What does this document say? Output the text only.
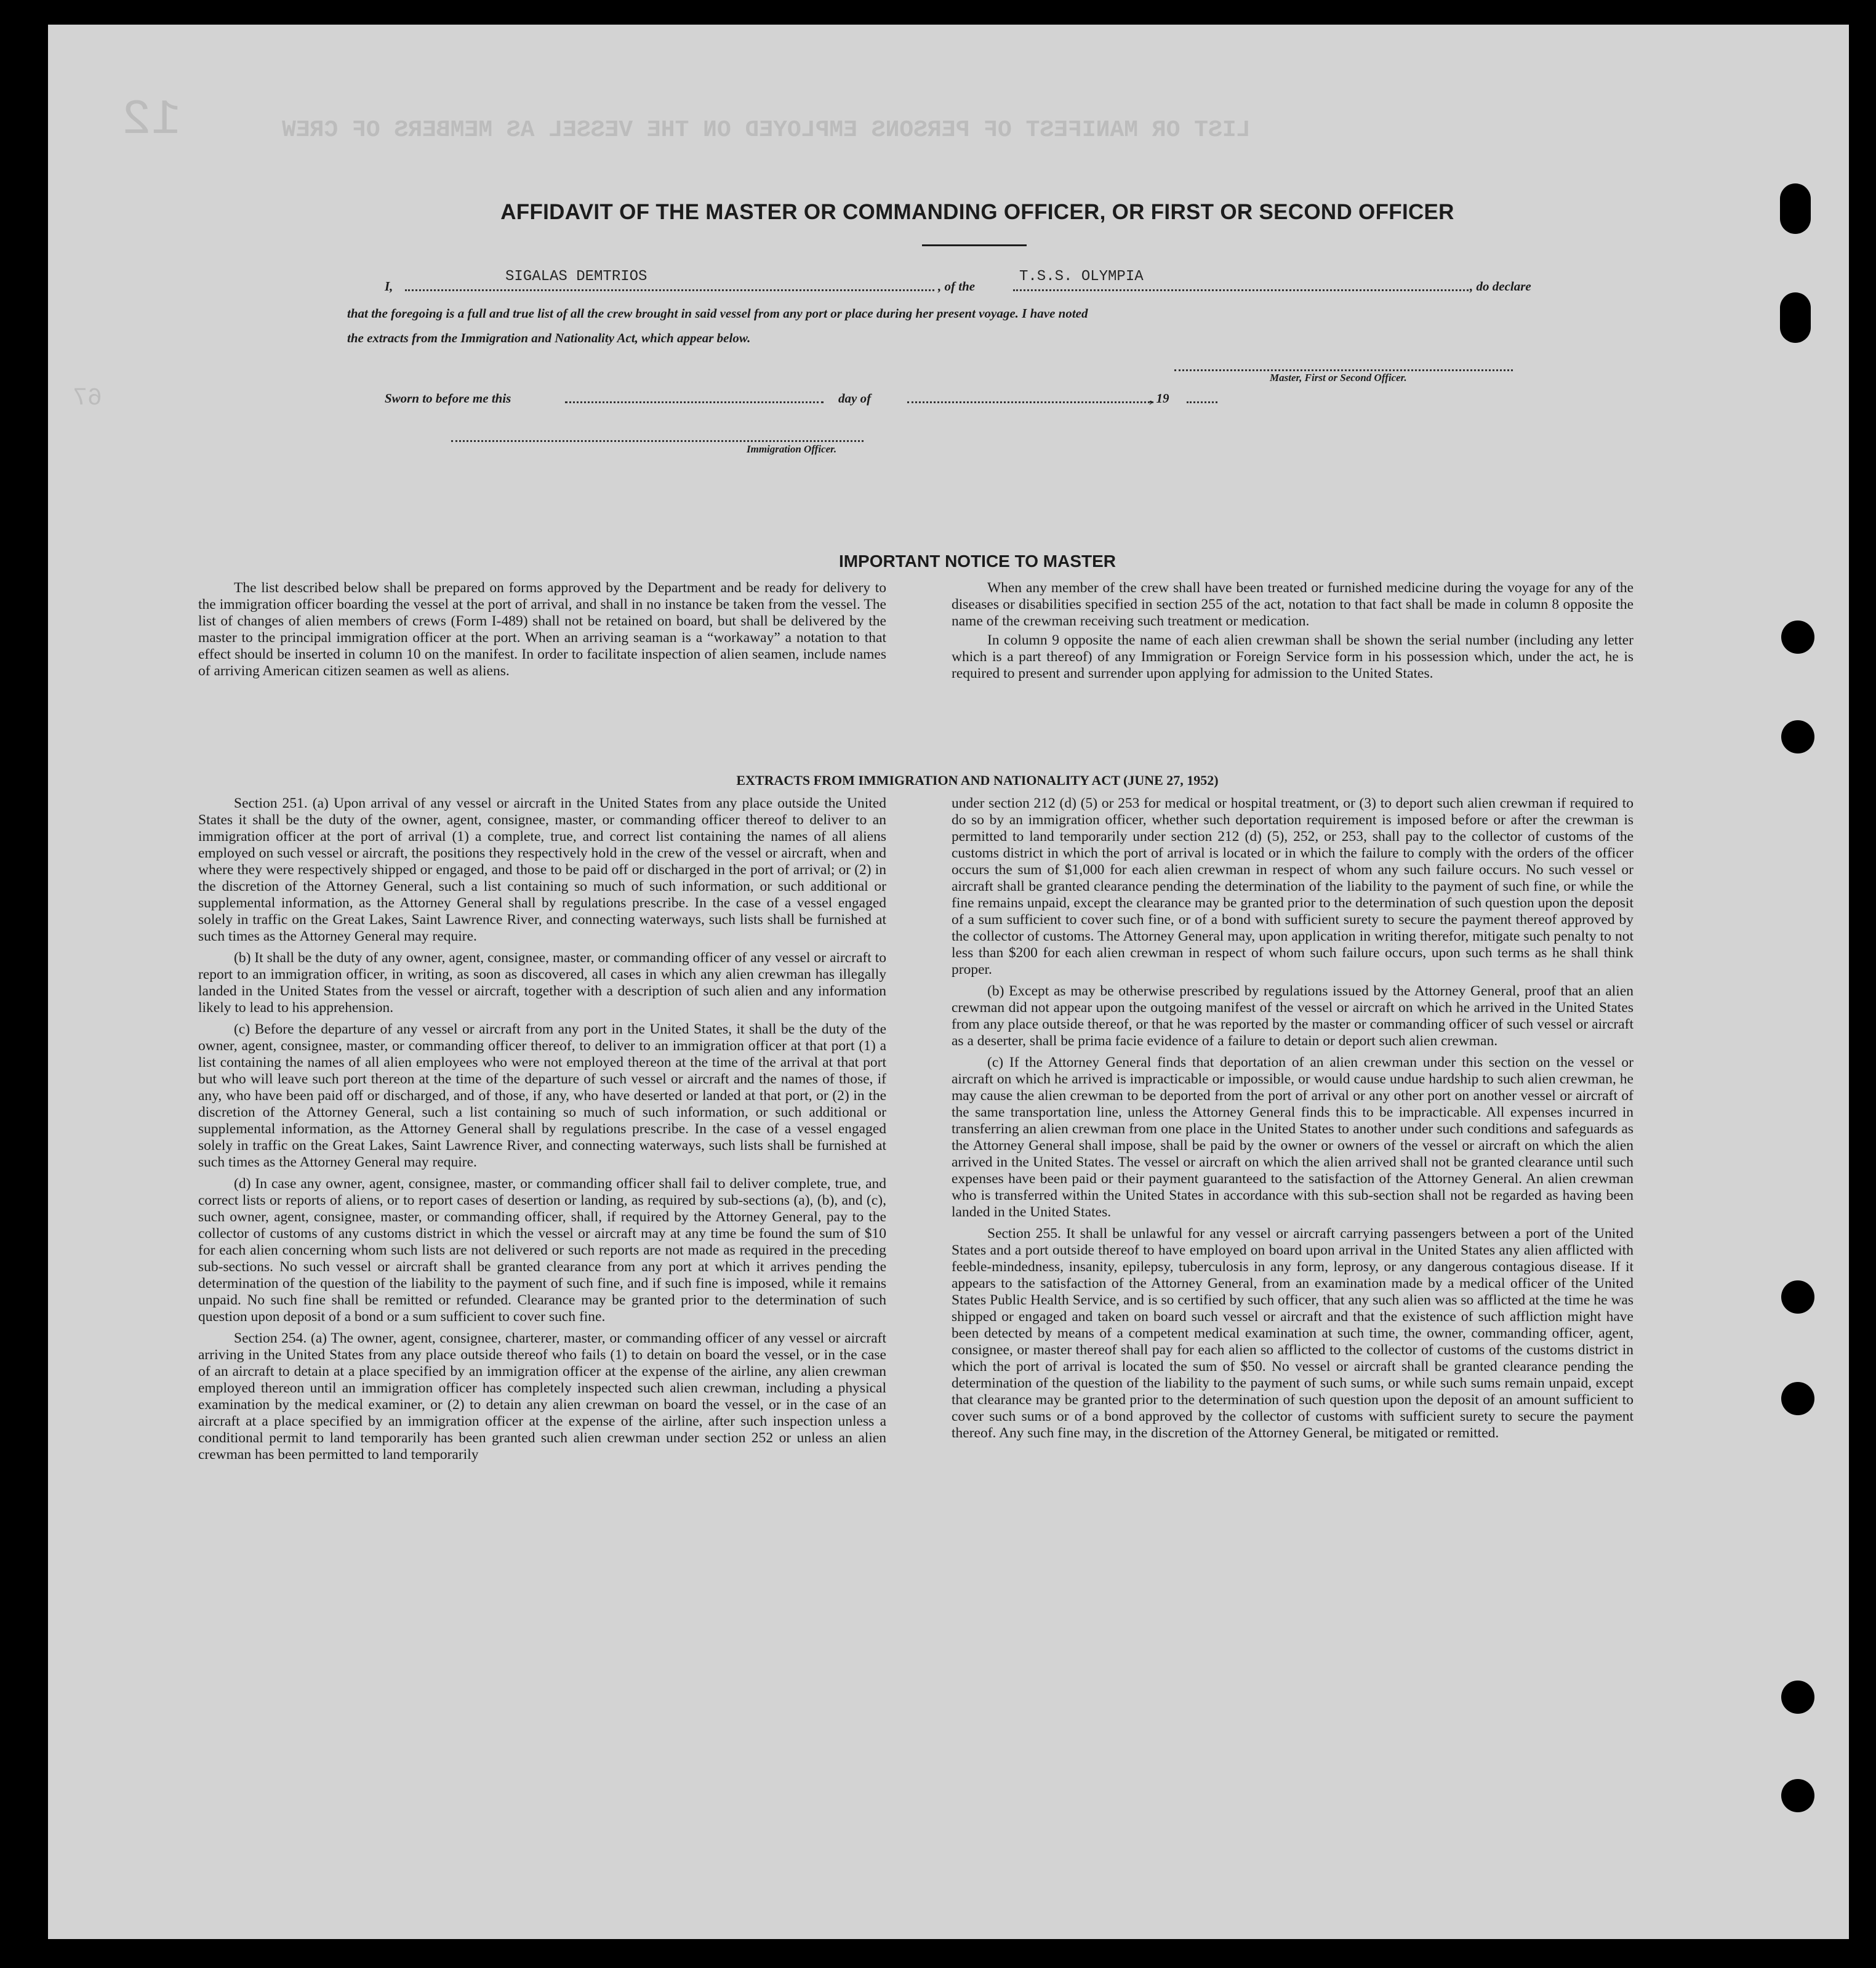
12	LIST OR MANIFEST OF PERSONS EMPLOYED ON THE VESSEL AS MEMBERS OF CREW
67
AFFIDAVIT OF THE MASTER OR COMMANDING OFFICER, OR FIRST OR SECOND OFFICER
I,
SIGALAS DEMTRIOS
, of the
T.S.S. OLYMPIA
, do declare
that the foregoing is a full and true list of all the crew brought in said vessel from any port or place during her present voyage. I have noted
the extracts from the Immigration and Nationality Act, which appear below.
Master, First or Second Officer.
Sworn to before me this	day of	, 19
Immigration Officer.
IMPORTANT NOTICE TO MASTER

The list described below shall be prepared on forms approved by the Department and be ready for delivery to the immigration officer boarding the vessel at the port of arrival, and shall in no instance be taken from the vessel. The list of changes of alien members of crews (Form I-489) shall not be retained on board, but shall be delivered by the master to the principal immigration officer at the port. When an arriving seaman is a “workaway” a notation to that effect should be inserted in column 10 on the manifest. In order to facilitate inspection of alien seamen, include names of arriving American citizen seamen as well as aliens.

When any member of the crew shall have been treated or furnished medicine during the voyage for any of the diseases or disabilities specified in section 255 of the act, notation to that fact shall be made in column 8 opposite the name of the crewman receiving such treatment or medication.

In column 9 opposite the name of each alien crewman shall be shown the serial number (including any letter which is a part thereof) of any Immigration or Foreign Service form in his possession which, under the act, he is required to present and surrender upon applying for admission to the United States.

EXTRACTS FROM IMMIGRATION AND NATIONALITY ACT (JUNE 27, 1952)

Section 251. (a) Upon arrival of any vessel or aircraft in the United States from any place outside the United States it shall be the duty of the owner, agent, consignee, master, or commanding officer thereof to deliver to an immigration officer at the port of arrival (1) a complete, true, and correct list containing the names of all aliens employed on such vessel or aircraft, the positions they respectively hold in the crew of the vessel or aircraft, when and where they were respectively shipped or engaged, and those to be paid off or discharged in the port of arrival; or (2) in the discretion of the Attorney General, such a list containing so much of such information, or such additional or supplemental information, as the Attorney General shall by regulations prescribe. In the case of a vessel engaged solely in traffic on the Great Lakes, Saint Lawrence River, and connecting waterways, such lists shall be furnished at such times as the Attorney General may require.

(b) It shall be the duty of any owner, agent, consignee, master, or commanding officer of any vessel or aircraft to report to an immigration officer, in writing, as soon as discovered, all cases in which any alien crewman has illegally landed in the United States from the vessel or aircraft, together with a description of such alien and any information likely to lead to his apprehension.

(c) Before the departure of any vessel or aircraft from any port in the United States, it shall be the duty of the owner, agent, consignee, master, or commanding officer thereof, to deliver to an immigration officer at that port (1) a list containing the names of all alien employees who were not employed thereon at the time of the arrival at that port but who will leave such port thereon at the time of the departure of such vessel or aircraft and the names of those, if any, who have been paid off or discharged, and of those, if any, who have deserted or landed at that port, or (2) in the discretion of the Attorney General, such a list containing so much of such information, or such additional or supplemental information, as the Attorney General shall by regulations prescribe. In the case of a vessel engaged solely in traffic on the Great Lakes, Saint Lawrence River, and connecting waterways, such lists shall be furnished at such times as the Attorney General may require.

(d) In case any owner, agent, consignee, master, or commanding officer shall fail to deliver complete, true, and correct lists or reports of aliens, or to report cases of desertion or landing, as required by sub-sections (a), (b), and (c), such owner, agent, consignee, master, or commanding officer, shall, if required by the Attorney General, pay to the collector of customs of any customs district in which the vessel or aircraft may at any time be found the sum of $10 for each alien concerning whom such lists are not delivered or such reports are not made as required in the preceding sub-sections. No such vessel or aircraft shall be granted clearance from any port at which it arrives pending the determination of the question of the liability to the payment of such fine, and if such fine is imposed, while it remains unpaid. No such fine shall be remitted or refunded. Clearance may be granted prior to the determination of such question upon deposit of a bond or a sum sufficient to cover such fine.

Section 254. (a) The owner, agent, consignee, charterer, master, or commanding officer of any vessel or aircraft arriving in the United States from any place outside thereof who fails (1) to detain on board the vessel, or in the case of an aircraft to detain at a place specified by an immigration officer at the expense of the airline, any alien crewman employed thereon until an immigration officer has completely inspected such alien crewman, including a physical examination by the medical examiner, or (2) to detain any alien crewman on board the vessel, or in the case of an aircraft at a place specified by an immigration officer at the expense of the airline, after such inspection unless a conditional permit to land temporarily has been granted such alien crewman under section 252 or unless an alien crewman has been permitted to land temporarily

under section 212 (d) (5) or 253 for medical or hospital treatment, or (3) to deport such alien crewman if required to do so by an immigration officer, whether such deportation requirement is imposed before or after the crewman is permitted to land temporarily under section 212 (d) (5), 252, or 253, shall pay to the collector of customs of the customs district in which the port of arrival is located or in which the failure to comply with the orders of the officer occurs the sum of $1,000 for each alien crewman in respect of whom any such failure occurs. No such vessel or aircraft shall be granted clearance pending the determination of the liability to the payment of such fine, or while the fine remains unpaid, except the clearance may be granted prior to the determination of such question upon the deposit of a sum sufficient to cover such fine, or of a bond with sufficient surety to secure the payment thereof approved by the collector of customs. The Attorney General may, upon application in writing therefor, mitigate such penalty to not less than $200 for each alien crewman in respect of whom such failure occurs, upon such terms as he shall think proper.

(b) Except as may be otherwise prescribed by regulations issued by the Attorney General, proof that an alien crewman did not appear upon the outgoing manifest of the vessel or aircraft on which he arrived in the United States from any place outside thereof, or that he was reported by the master or commanding officer of such vessel or aircraft as a deserter, shall be prima facie evidence of a failure to detain or deport such alien crewman.

(c) If the Attorney General finds that deportation of an alien crewman under this section on the vessel or aircraft on which he arrived is impracticable or impossible, or would cause undue hardship to such alien crewman, he may cause the alien crewman to be deported from the port of arrival or any other port on another vessel or aircraft of the same transportation line, unless the Attorney General finds this to be impracticable. All expenses incurred in transferring an alien crewman from one place in the United States to another under such conditions and safeguards as the Attorney General shall impose, shall be paid by the owner or owners of the vessel or aircraft on which the alien arrived in the United States. The vessel or aircraft on which the alien arrived shall not be granted clearance until such expenses have been paid or their payment guaranteed to the satisfaction of the Attorney General. An alien crewman who is transferred within the United States in accordance with this sub-section shall not be regarded as having been landed in the United States.

Section 255. It shall be unlawful for any vessel or aircraft carrying passengers between a port of the United States and a port outside thereof to have employed on board upon arrival in the United States any alien afflicted with feeble-mindedness, insanity, epilepsy, tuberculosis in any form, leprosy, or any dangerous contagious disease. If it appears to the satisfaction of the Attorney General, from an examination made by a medical officer of the United States Public Health Service, and is so certified by such officer, that any such alien was so afflicted at the time he was shipped or engaged and taken on board such vessel or aircraft and that the existence of such affliction might have been detected by means of a competent medical examination at such time, the owner, commanding officer, agent, consignee, or master thereof shall pay for each alien so afflicted to the collector of customs of the customs district in which the port of arrival is located the sum of $50. No vessel or aircraft shall be granted clearance pending the determination of the question of the liability to the payment of such sums, or while such sums remain unpaid, except that clearance may be granted prior to the determination of such question upon the deposit of an amount sufficient to cover such sums or of a bond approved by the collector of customs with sufficient surety to secure the payment thereof. Any such fine may, in the discretion of the Attorney General, be mitigated or remitted.
